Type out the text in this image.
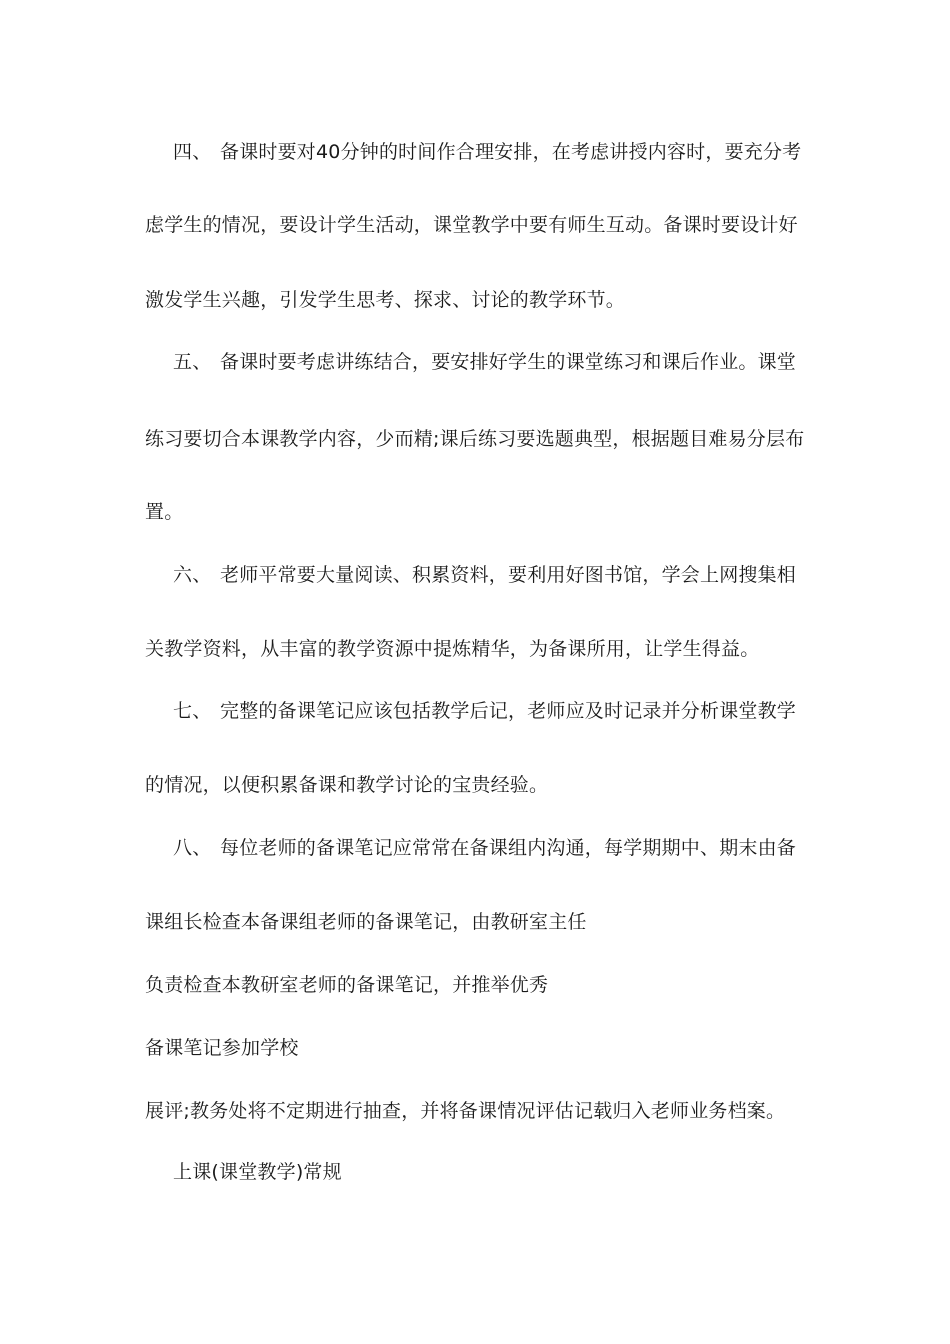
四、 备课时要对40分钟的时间作合理安排，在考虑讲授内容时，要充分考
虑学生的情况，要设计学生活动，课堂教学中要有师生互动。备课时要设计好
激发学生兴趣，引发学生思考、探求、讨论的教学环节。
五、 备课时要考虑讲练结合，要安排好学生的课堂练习和课后作业。课堂
练习要切合本课教学内容，少而精;课后练习要选题典型，根据题目难易分层布
置。
六、 老师平常要大量阅读、积累资料，要利用好图书馆，学会上网搜集相
关教学资料，从丰富的教学资源中提炼精华，为备课所用，让学生得益。
七、 完整的备课笔记应该包括教学后记，老师应及时记录并分析课堂教学
的情况，以便积累备课和教学讨论的宝贵经验。
八、 每位老师的备课笔记应常常在备课组内沟通，每学期期中、期末由备
课组长检查本备课组老师的备课笔记，由教研室主任
负责检查本教研室老师的备课笔记，并推举优秀
备课笔记参加学校
展评;教务处将不定期进行抽查，并将备课情况评估记载归入老师业务档案。
上课(课堂教学)常规
